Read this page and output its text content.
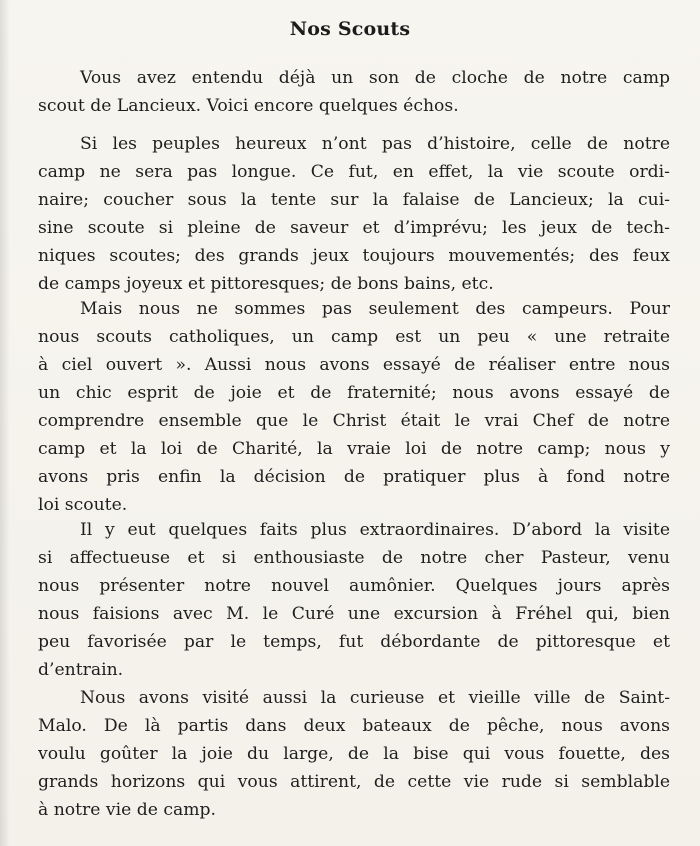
Nos Scouts
Vous avez entendu déjà un son de cloche de notre camp
scout de Lancieux. Voici encore quelques échos.
Si les peuples heureux n’ont pas d’histoire, celle de notre
camp ne sera pas longue. Ce fut, en effet, la vie scoute ordi-
naire; coucher sous la tente sur la falaise de Lancieux; la cui-
sine scoute si pleine de saveur et d’imprévu; les jeux de tech-
niques scoutes; des grands jeux toujours mouvementés; des feux
de camps joyeux et pittoresques; de bons bains, etc.
Mais nous ne sommes pas seulement des campeurs. Pour
nous scouts catholiques, un camp est un peu « une retraite
à ciel ouvert ». Aussi nous avons essayé de réaliser entre nous
un chic esprit de joie et de fraternité; nous avons essayé de
comprendre ensemble que le Christ était le vrai Chef de notre
camp et la loi de Charité, la vraie loi de notre camp; nous y
avons pris enfin la décision de pratiquer plus à fond notre
loi scoute.
Il y eut quelques faits plus extraordinaires. D’abord la visite
si affectueuse et si enthousiaste de notre cher Pasteur, venu
nous présenter notre nouvel aumônier. Quelques jours après
nous faisions avec M. le Curé une excursion à Fréhel qui, bien
peu favorisée par le temps, fut débordante de pittoresque et
d’entrain.
Nous avons visité aussi la curieuse et vieille ville de Saint-
Malo. De là partis dans deux bateaux de pêche, nous avons
voulu goûter la joie du large, de la bise qui vous fouette, des
grands horizons qui vous attirent, de cette vie rude si semblable
à notre vie de camp.
